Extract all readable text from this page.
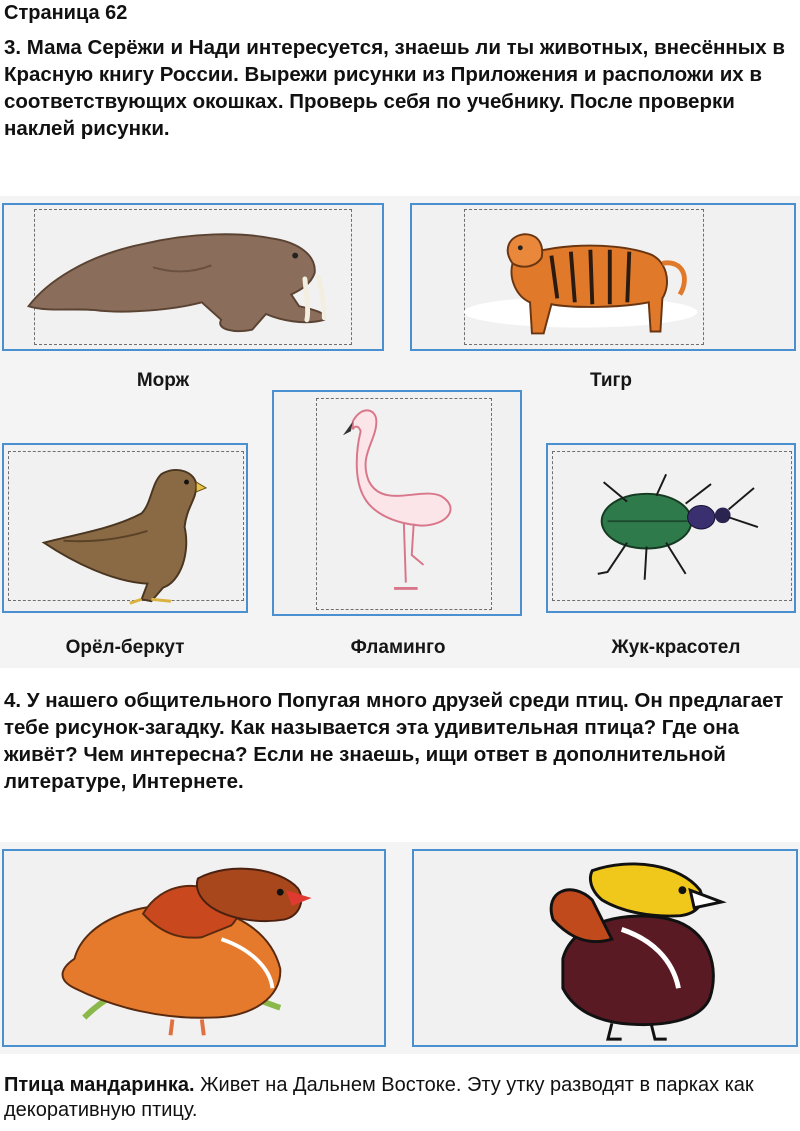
Страница 62

3. Мама Серёжи и Нади интересуется, знаешь ли ты животных, внесённых в Красную книгу России. Вырежи рисунки из Приложения и расположи их в соответствующих окошках. Проверь себя по учебнику. После проверки наклей рисунки.

Морж	Тигр
Орёл-беркут	Фламинго	Жук-красотел

4. У нашего общительного Попугая много друзей среди птиц. Он предлагает тебе рисунок-загадку. Как называется эта удивительная птица? Где она живёт? Чем интересна? Если не знаешь, ищи ответ в дополнительной литературе, Интернете.

Птица мандаринка. Живет на Дальнем Востоке. Эту утку разводят в парках как декоративную птицу.
